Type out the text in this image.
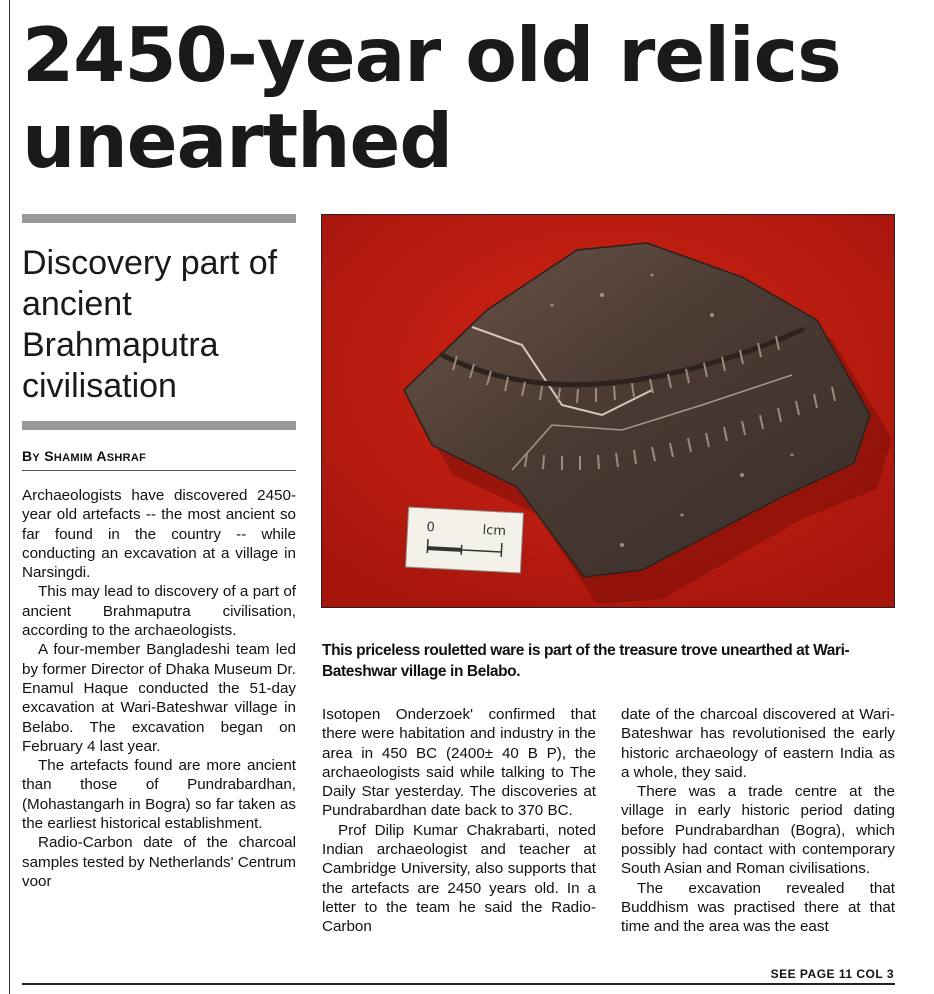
2450-year old relics
unearthed
Discovery part of ancient Brahmaputra civilisation
BY SHAMIM ASHRAF

Archaeologists have discovered 2450-year old artefacts -- the most ancient so far found in the country -- while conducting an excavation at a village in Narsingdi.

This may lead to discovery of a part of ancient Brahmaputra civilisation, according to the archaeologists.

A four-member Bangladeshi team led by former Director of Dhaka Museum Dr. Enamul Haque conducted the 51-day excavation at Wari-Bateshwar village in Belabo. The excavation began on February 4 last year.

The artefacts found are more ancient than those of Pundrabardhan, (Mohastangarh in Bogra) so far taken as the earliest historical establishment.

Radio-Carbon date of the charcoal samples tested by Netherlands' Centrum voor

0	lcm
This priceless rouletted ware is part of the treasure trove unearthed at Wari-Bateshwar village in Belabo.

Isotopen Onderzoek' confirmed that there were habitation and industry in the area in 450 BC (2400± 40 B P), the archaeologists said while talking to The Daily Star yesterday. The discoveries at Pundrabardhan date back to 370 BC.

Prof Dilip Kumar Chakrabarti, noted Indian archaeologist and teacher at Cambridge University, also supports that the artefacts are 2450 years old. In a letter to the team he said the Radio-Carbon

date of the charcoal discovered at Wari-Bateshwar has revolutionised the early historic archaeology of eastern India as a whole, they said.

There was a trade centre at the village in early historic period dating before Pundrabardhan (Bogra), which possibly had contact with contemporary South Asian and Roman civilisations.

The excavation revealed that Buddhism was practised there at that time and the area was the east

SEE PAGE 11 COL 3
